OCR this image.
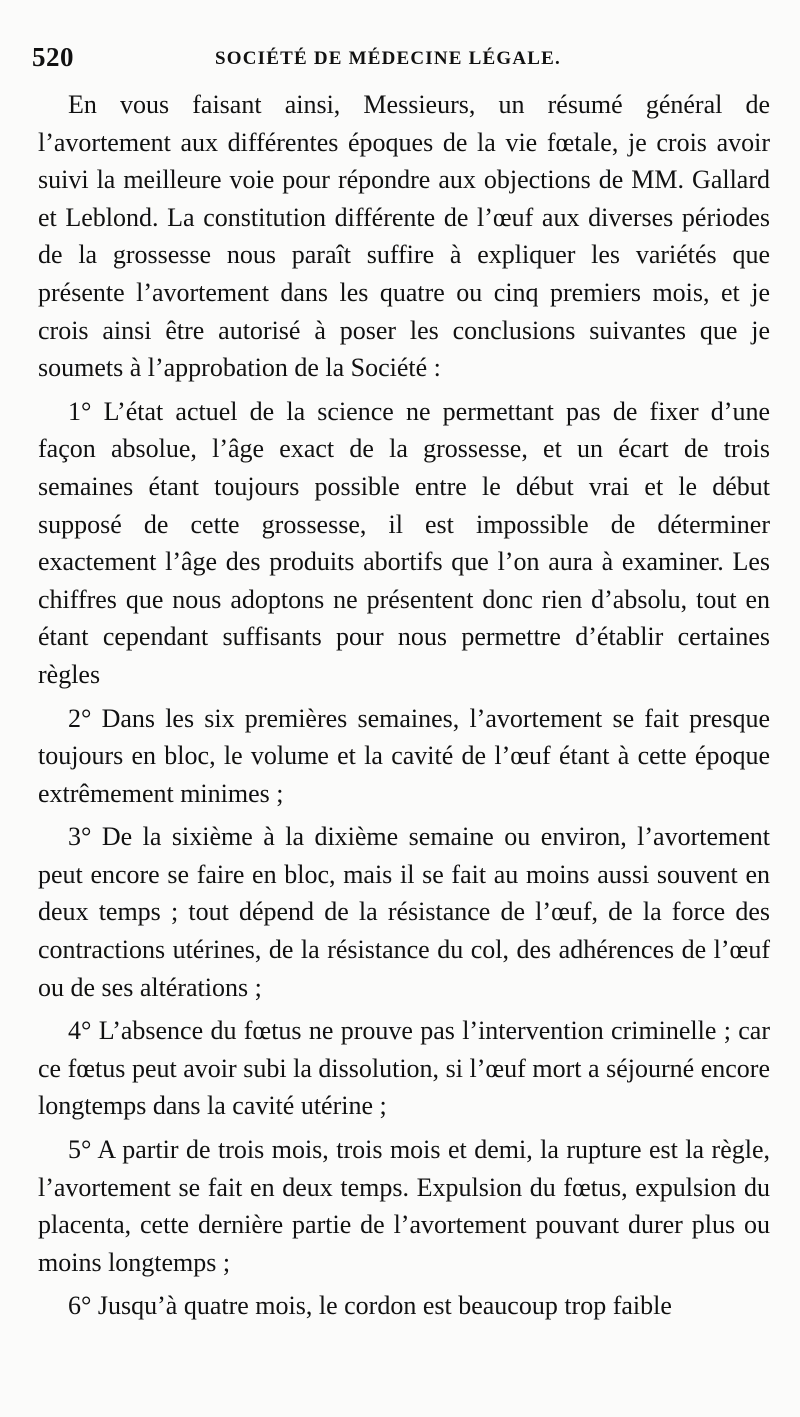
520	SOCIÉTÉ DE MÉDECINE LÉGALE.

En vous faisant ainsi, Messieurs, un résumé général de l’avortement aux différentes époques de la vie fœtale, je crois avoir suivi la meilleure voie pour répondre aux objections de MM. Gallard et Leblond. La constitution différente de l’œuf aux diverses périodes de la grossesse nous paraît suffire à expliquer les variétés que présente l’avortement dans les quatre ou cinq premiers mois, et je crois ainsi être autorisé à poser les conclusions suivantes que je soumets à l’approbation de la Société :

1° L’état actuel de la science ne permettant pas de fixer d’une façon absolue, l’âge exact de la grossesse, et un écart de trois semaines étant toujours possible entre le début vrai et le début supposé de cette grossesse, il est impossible de déterminer exactement l’âge des produits abortifs que l’on aura à examiner. Les chiffres que nous adoptons ne présentent donc rien d’absolu, tout en étant cependant suffisants pour nous permettre d’établir certaines règles

2° Dans les six premières semaines, l’avortement se fait presque toujours en bloc, le volume et la cavité de l’œuf étant à cette époque extrêmement minimes ;

3° De la sixième à la dixième semaine ou environ, l’avortement peut encore se faire en bloc, mais il se fait au moins aussi souvent en deux temps ; tout dépend de la résistance de l’œuf, de la force des contractions utérines, de la résistance du col, des adhérences de l’œuf ou de ses altérations ;

4° L’absence du fœtus ne prouve pas l’intervention criminelle ; car ce fœtus peut avoir subi la dissolution, si l’œuf mort a séjourné encore longtemps dans la cavité utérine ;

5° A partir de trois mois, trois mois et demi, la rupture est la règle, l’avortement se fait en deux temps. Expulsion du fœtus, expulsion du placenta, cette dernière partie de l’avortement pouvant durer plus ou moins longtemps ;

6° Jusqu’à quatre mois, le cordon est beaucoup trop faible
